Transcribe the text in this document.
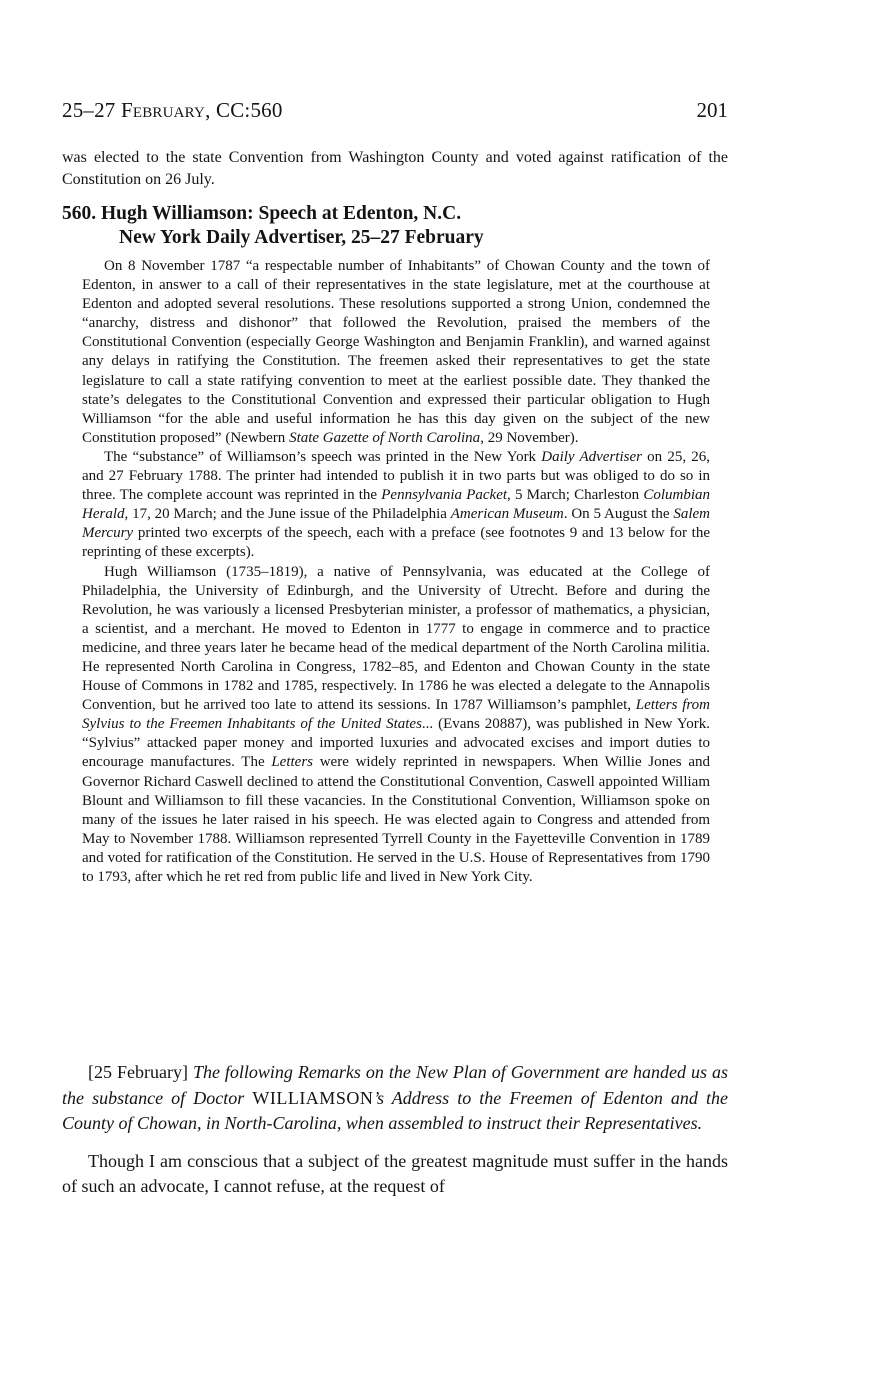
25–27 February, CC:560	201

was elected to the state Convention from Washington County and voted against ratification of the Constitution on 26 July.

560. Hugh Williamson: Speech at Edenton, N.C.
New York Daily Advertiser, 25–27 February

On 8 November 1787 “a respectable number of Inhabitants” of Chowan County and the town of Edenton, in answer to a call of their representatives in the state legislature, met at the courthouse at Edenton and adopted several resolutions. These resolutions supported a strong Union, condemned the “anarchy, distress and dishonor” that followed the Revolution, praised the members of the Constitutional Convention (especially George Washington and Benjamin Franklin), and warned against any delays in ratifying the Constitution. The freemen asked their representatives to get the state legislature to call a state ratifying convention to meet at the earliest possible date. They thanked the state’s delegates to the Constitutional Convention and expressed their particular obligation to Hugh Williamson “for the able and useful information he has this day given on the subject of the new Constitution proposed” (Newbern State Gazette of North Carolina, 29 November).

The “substance” of Williamson’s speech was printed in the New York Daily Advertiser on 25, 26, and 27 February 1788. The printer had intended to publish it in two parts but was obliged to do so in three. The complete account was reprinted in the Pennsylvania Packet, 5 March; Charleston Columbian Herald, 17, 20 March; and the June issue of the Philadelphia American Museum. On 5 August the Salem Mercury printed two excerpts of the speech, each with a preface (see footnotes 9 and 13 below for the reprinting of these excerpts).

Hugh Williamson (1735–1819), a native of Pennsylvania, was educated at the College of Philadelphia, the University of Edinburgh, and the University of Utrecht. Before and during the Revolution, he was variously a licensed Presbyterian minister, a professor of mathematics, a physician, a scientist, and a merchant. He moved to Edenton in 1777 to engage in commerce and to practice medicine, and three years later he became head of the medical department of the North Carolina militia. He represented North Carolina in Congress, 1782–85, and Edenton and Chowan County in the state House of Commons in 1782 and 1785, respectively. In 1786 he was elected a delegate to the Annapolis Convention, but he arrived too late to attend its sessions. In 1787 Williamson’s pamphlet, Letters from Sylvius to the Freemen Inhabitants of the United States... (Evans 20887), was published in New York. “Sylvius” attacked paper money and imported luxuries and advocated excises and import duties to encourage manufactures. The Letters were widely reprinted in newspapers. When Willie Jones and Governor Richard Caswell declined to attend the Constitutional Convention, Caswell appointed William Blount and Williamson to fill these vacancies. In the Constitutional Convention, Williamson spoke on many of the issues he later raised in his speech. He was elected again to Congress and attended from May to November 1788. Williamson represented Tyrrell County in the Fayetteville Convention in 1789 and voted for ratification of the Constitution. He served in the U.S. House of Representatives from 1790 to 1793, after which he ret red from public life and lived in New York City.

[25 February] The following Remarks on the New Plan of Government are handed us as the substance of Doctor WILLIAMSON’s Address to the Freemen of Edenton and the County of Chowan, in North-Carolina, when assembled to instruct their Representatives.

Though I am conscious that a subject of the greatest magnitude must suffer in the hands of such an advocate, I cannot refuse, at the request of
